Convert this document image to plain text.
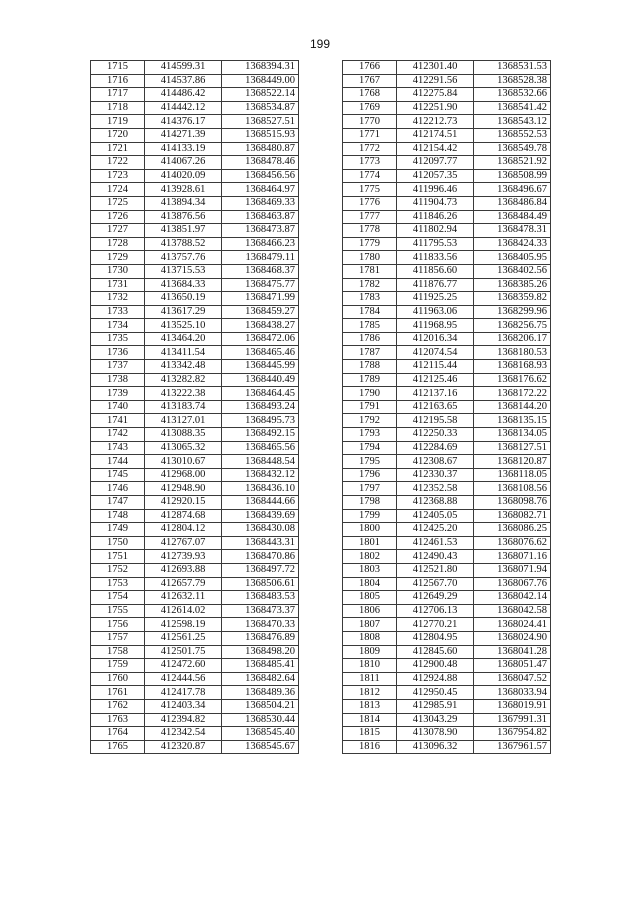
199
1715	414599.31	1368394.31
1716	414537.86	1368449.00
1717	414486.42	1368522.14
1718	414442.12	1368534.87
1719	414376.17	1368527.51
1720	414271.39	1368515.93
1721	414133.19	1368480.87
1722	414067.26	1368478.46
1723	414020.09	1368456.56
1724	413928.61	1368464.97
1725	413894.34	1368469.33
1726	413876.56	1368463.87
1727	413851.97	1368473.87
1728	413788.52	1368466.23
1729	413757.76	1368479.11
1730	413715.53	1368468.37
1731	413684.33	1368475.77
1732	413650.19	1368471.99
1733	413617.29	1368459.27
1734	413525.10	1368438.27
1735	413464.20	1368472.06
1736	413411.54	1368465.46
1737	413342.48	1368445.99
1738	413282.82	1368440.49
1739	413222.38	1368464.45
1740	413183.74	1368493.24
1741	413127.01	1368495.73
1742	413088.35	1368492.15
1743	413065.32	1368465.56
1744	413010.67	1368448.54
1745	412968.00	1368432.12
1746	412948.90	1368436.10
1747	412920.15	1368444.66
1748	412874.68	1368439.69
1749	412804.12	1368430.08
1750	412767.07	1368443.31
1751	412739.93	1368470.86
1752	412693.88	1368497.72
1753	412657.79	1368506.61
1754	412632.11	1368483.53
1755	412614.02	1368473.37
1756	412598.19	1368470.33
1757	412561.25	1368476.89
1758	412501.75	1368498.20
1759	412472.60	1368485.41
1760	412444.56	1368482.64
1761	412417.78	1368489.36
1762	412403.34	1368504.21
1763	412394.82	1368530.44
1764	412342.54	1368545.40
1765	412320.87	1368545.67
1766	412301.40	1368531.53
1767	412291.56	1368528.38
1768	412275.84	1368532.66
1769	412251.90	1368541.42
1770	412212.73	1368543.12
1771	412174.51	1368552.53
1772	412154.42	1368549.78
1773	412097.77	1368521.92
1774	412057.35	1368508.99
1775	411996.46	1368496.67
1776	411904.73	1368486.84
1777	411846.26	1368484.49
1778	411802.94	1368478.31
1779	411795.53	1368424.33
1780	411833.56	1368405.95
1781	411856.60	1368402.56
1782	411876.77	1368385.26
1783	411925.25	1368359.82
1784	411963.06	1368299.96
1785	411968.95	1368256.75
1786	412016.34	1368206.17
1787	412074.54	1368180.53
1788	412115.44	1368168.93
1789	412125.46	1368176.62
1790	412137.16	1368172.22
1791	412163.65	1368144.20
1792	412195.58	1368135.15
1793	412250.33	1368134.05
1794	412284.69	1368127.51
1795	412308.67	1368120.87
1796	412330.37	1368118.05
1797	412352.58	1368108.56
1798	412368.88	1368098.76
1799	412405.05	1368082.71
1800	412425.20	1368086.25
1801	412461.53	1368076.62
1802	412490.43	1368071.16
1803	412521.80	1368071.94
1804	412567.70	1368067.76
1805	412649.29	1368042.14
1806	412706.13	1368042.58
1807	412770.21	1368024.41
1808	412804.95	1368024.90
1809	412845.60	1368041.28
1810	412900.48	1368051.47
1811	412924.88	1368047.52
1812	412950.45	1368033.94
1813	412985.91	1368019.91
1814	413043.29	1367991.31
1815	413078.90	1367954.82
1816	413096.32	1367961.57
